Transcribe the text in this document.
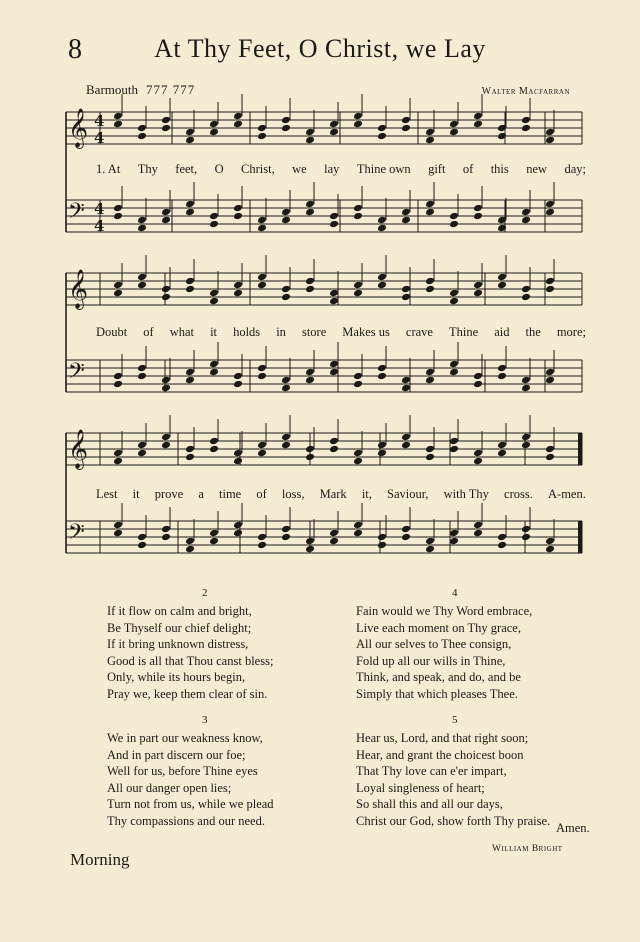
8	At Thy Feet, O Christ, we Lay
Barmouth 777 777	Walter Macfarran
𝄞 4
4
𝄢 4
4
𝄞
𝄢
𝄞
𝄢
1. At Thy feet, O Christ, we lay Thine own gift of this new day;
Doubt of what it holds in store Makes us crave Thine aid the more;
Lest it prove a time of loss, Mark it, Saviour, with Thy cross. A-men.
2
If it flow on calm and bright,
Be Thyself our chief delight;
If it bring unknown distress,
Good is all that Thou canst bless;
Only, while its hours begin,
Pray we, keep them clear of sin.
3
We in part our weakness know,
And in part discern our foe;
Well for us, before Thine eyes
All our danger open lies;
Turn not from us, while we plead
Thy compassions and our need.
4
Fain would we Thy Word embrace,
Live each moment on Thy grace,
All our selves to Thee consign,
Fold up all our wills in Thine,
Think, and speak, and do, and be
Simply that which pleases Thee.
5
Hear us, Lord, and that right soon;
Hear, and grant the choicest boon
That Thy love can e'er impart,
Loyal singleness of heart;
So shall this and all our days,
Christ our God, show forth Thy praise.
Amen.
William Bright
Morning
